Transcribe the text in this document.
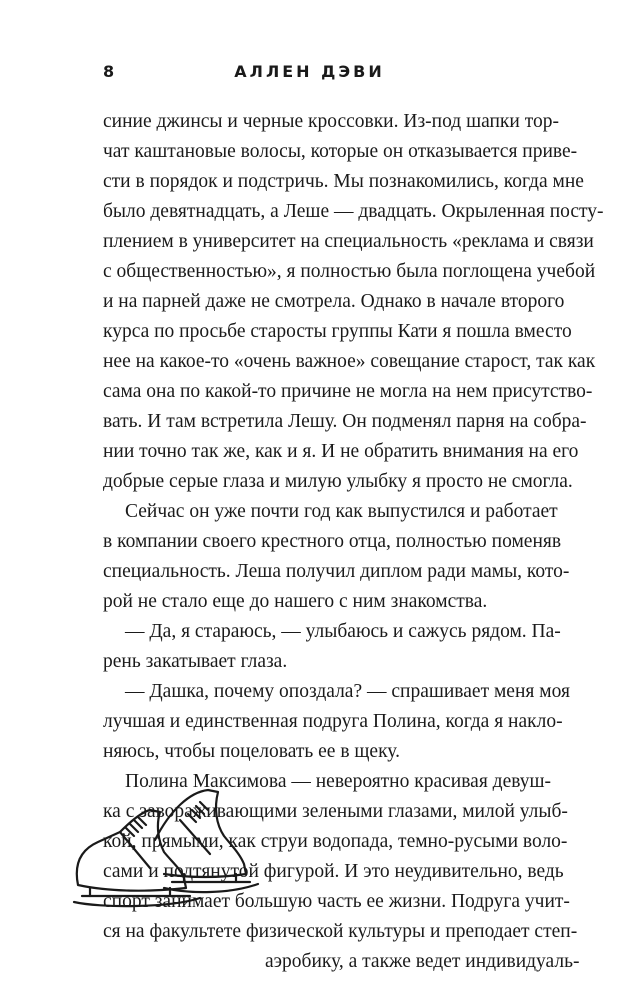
8	АЛЛЕН ДЭВИ
синие джинсы и черные кроссовки. Из-под шапки тор-
чат каштановые волосы, которые он отказывается приве-
сти в порядок и подстричь. Мы познакомились, когда мне
было девятнадцать, а Леше — двадцать. Окрыленная посту-
плением в университет на специальность «реклама и связи
с общественностью», я полностью была поглощена учебой
и на парней даже не смотрела. Однако в начале второго
курса по просьбе старосты группы Кати я пошла вместо
нее на какое-то «очень важное» совещание старост, так как
сама она по какой-то причине не могла на нем присутство-
вать. И там встретила Лешу. Он подменял парня на собра-
нии точно так же, как и я. И не обратить внимания на его
добрые серые глаза и милую улыбку я просто не смогла.
Сейчас он уже почти год как выпустился и работает
в компании своего крестного отца, полностью поменяв
специальность. Леша получил диплом ради мамы, кото-
рой не стало еще до нашего с ним знакомства.
— Да, я стараюсь, — улыбаюсь и сажусь рядом. Па-
рень закатывает глаза.
— Дашка, почему опоздала? — спрашивает меня моя
лучшая и единственная подруга Полина, когда я накло-
няюсь, чтобы поцеловать ее в щеку.
Полина Максимова — невероятно красивая девуш-
ка с завораживающими зелеными глазами, милой улыб-
кой, прямыми, как струи водопада, темно-русыми воло-
сами и подтянутой фигурой. И это неудивительно, ведь
спорт занимает большую часть ее жизни. Подруга учит-
ся на факультете физической культуры и преподает степ-
аэробику, а также ведет индивидуаль-
